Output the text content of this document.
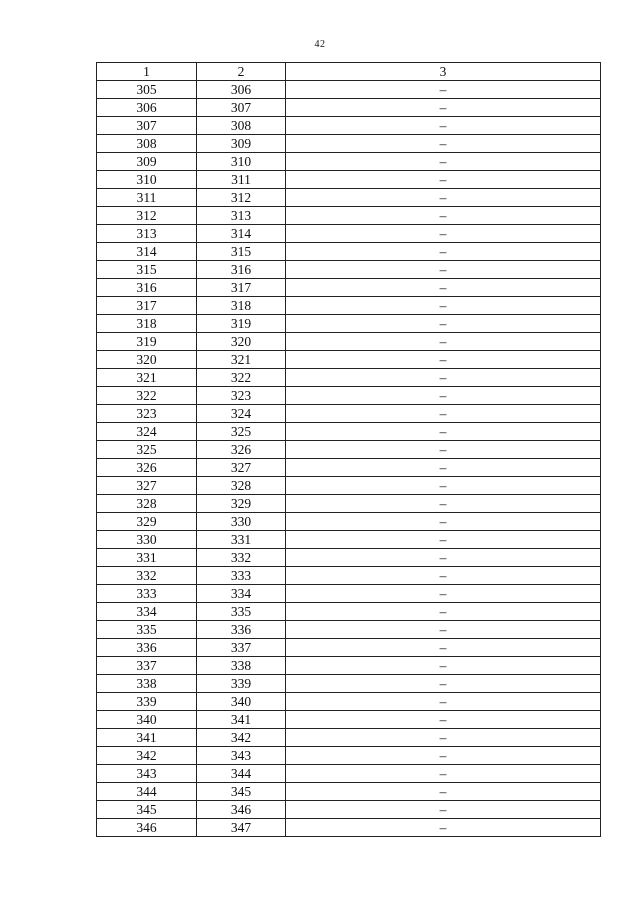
42
1	2	3
305	306	–
306	307	–
307	308	–
308	309	–
309	310	–
310	311	–
311	312	–
312	313	–
313	314	–
314	315	–
315	316	–
316	317	–
317	318	–
318	319	–
319	320	–
320	321	–
321	322	–
322	323	–
323	324	–
324	325	–
325	326	–
326	327	–
327	328	–
328	329	–
329	330	–
330	331	–
331	332	–
332	333	–
333	334	–
334	335	–
335	336	–
336	337	–
337	338	–
338	339	–
339	340	–
340	341	–
341	342	–
342	343	–
343	344	–
344	345	–
345	346	–
346	347	–
